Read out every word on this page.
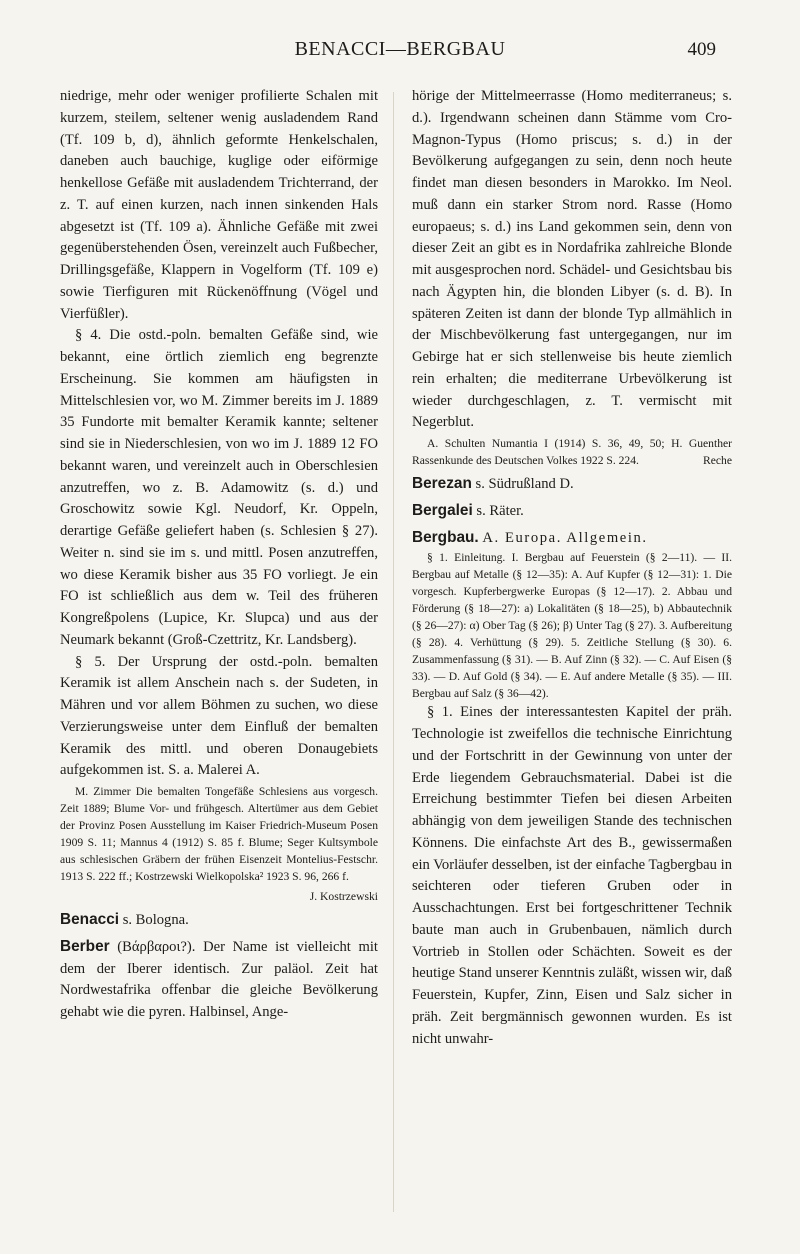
BENACCI—BERGBAU	409

niedrige, mehr oder weniger profilierte Schalen mit kurzem, steilem, seltener wenig ausladendem Rand (Tf. 109 b, d), ähnlich geformte Henkelschalen, daneben auch bauchige, kuglige oder eiförmige henkellose Gefäße mit ausladendem Trichterrand, der z. T. auf einen kurzen, nach innen sinkenden Hals abgesetzt ist (Tf. 109 a). Ähnliche Gefäße mit zwei gegenüberstehenden Ösen, vereinzelt auch Fußbecher, Drillingsgefäße, Klappern in Vogelform (Tf. 109 e) sowie Tierfiguren mit Rückenöffnung (Vögel und Vierfüßler).

§ 4. Die ostd.-poln. bemalten Gefäße sind, wie bekannt, eine örtlich ziemlich eng begrenzte Erscheinung. Sie kommen am häufigsten in Mittelschlesien vor, wo M. Zimmer bereits im J. 1889 35 Fundorte mit bemalter Keramik kannte; seltener sind sie in Niederschlesien, von wo im J. 1889 12 FO bekannt waren, und vereinzelt auch in Oberschlesien anzutreffen, wo z. B. Adamowitz (s. d.) und Groschowitz sowie Kgl. Neudorf, Kr. Oppeln, derartige Gefäße geliefert haben (s. Schlesien § 27). Weiter n. sind sie im s. und mittl. Posen anzutreffen, wo diese Keramik bisher aus 35 FO vorliegt. Je ein FO ist schließlich aus dem w. Teil des früheren Kongreßpolens (Lupice, Kr. Slupca) und aus der Neumark bekannt (Groß-Czettritz, Kr. Landsberg).

§ 5. Der Ursprung der ostd.-poln. bemalten Keramik ist allem Anschein nach s. der Sudeten, in Mähren und vor allem Böhmen zu suchen, wo diese Verzierungsweise unter dem Einfluß der bemalten Keramik des mittl. und oberen Donaugebiets aufgekommen ist. S. a. Malerei A.

M. Zimmer Die bemalten Tongefäße Schlesiens aus vorgesch. Zeit 1889; Blume Vor- und frühgesch. Altertümer aus dem Gebiet der Provinz Posen Ausstellung im Kaiser Friedrich-Museum Posen 1909 S. 11; Mannus 4 (1912) S. 85 f. Blume; Seger Kultsymbole aus schlesischen Gräbern der frühen Eisenzeit Montelius-Festschr. 1913 S. 222 ff.; Kostrzewski Wielkopolska² 1923 S. 96, 266 f.
J. Kostrzewski
Benacci s. Bologna.
Berber (Βάρβαροι?). Der Name ist vielleicht mit dem der Iberer identisch. Zur paläol. Zeit hat Nordwestafrika offenbar die gleiche Bevölkerung gehabt wie die pyren. Halbinsel, Ange-

hörige der Mittelmeerrasse (Homo mediterraneus; s. d.). Irgendwann scheinen dann Stämme vom Cro-Magnon-Typus (Homo priscus; s. d.) in der Bevölkerung aufgegangen zu sein, denn noch heute findet man diesen besonders in Marokko. Im Neol. muß dann ein starker Strom nord. Rasse (Homo europaeus; s. d.) ins Land gekommen sein, denn von dieser Zeit an gibt es in Nordafrika zahlreiche Blonde mit ausgesprochen nord. Schädel- und Gesichtsbau bis nach Ägypten hin, die blonden Libyer (s. d. B). In späteren Zeiten ist dann der blonde Typ allmählich in der Mischbevölkerung fast untergegangen, nur im Gebirge hat er sich stellenweise bis heute ziemlich rein erhalten; die mediterrane Urbevölkerung ist wieder durchgeschlagen, z. T. vermischt mit Negerblut.

A. Schulten Numantia I (1914) S. 36, 49, 50; H. Guenther Rassenkunde des Deutschen Volkes 1922 S. 224.	Reche
Berezan s. Südrußland D.
Bergalei s. Räter.
Bergbau. A. Europa. Allgemein.

§ 1. Einleitung. I. Bergbau auf Feuerstein (§ 2—11). — II. Bergbau auf Metalle (§ 12—35): A. Auf Kupfer (§ 12—31): 1. Die vorgesch. Kupferbergwerke Europas (§ 12—17). 2. Abbau und Förderung (§ 18—27): a) Lokalitäten (§ 18—25), b) Abbautechnik (§ 26—27): α) Ober Tag (§ 26); β) Unter Tag (§ 27). 3. Aufbereitung (§ 28). 4. Verhüttung (§ 29). 5. Zeitliche Stellung (§ 30). 6. Zusammenfassung (§ 31). — B. Auf Zinn (§ 32). — C. Auf Eisen (§ 33). — D. Auf Gold (§ 34). — E. Auf andere Metalle (§ 35). — III. Bergbau auf Salz (§ 36—42).

§ 1. Eines der interessantesten Kapitel der präh. Technologie ist zweifellos die technische Einrichtung und der Fortschritt in der Gewinnung von unter der Erde liegendem Gebrauchsmaterial. Dabei ist die Erreichung bestimmter Tiefen bei diesen Arbeiten abhängig von dem jeweiligen Stande des technischen Könnens. Die einfachste Art des B., gewissermaßen ein Vorläufer desselben, ist der einfache Tagbergbau in seichteren oder tieferen Gruben oder in Ausschachtungen. Erst bei fortgeschrittener Technik baute man auch in Grubenbauen, nämlich durch Vortrieb in Stollen oder Schächten. Soweit es der heutige Stand unserer Kenntnis zuläßt, wissen wir, daß Feuerstein, Kupfer, Zinn, Eisen und Salz sicher in präh. Zeit bergmännisch gewonnen wurden. Es ist nicht unwahr-
